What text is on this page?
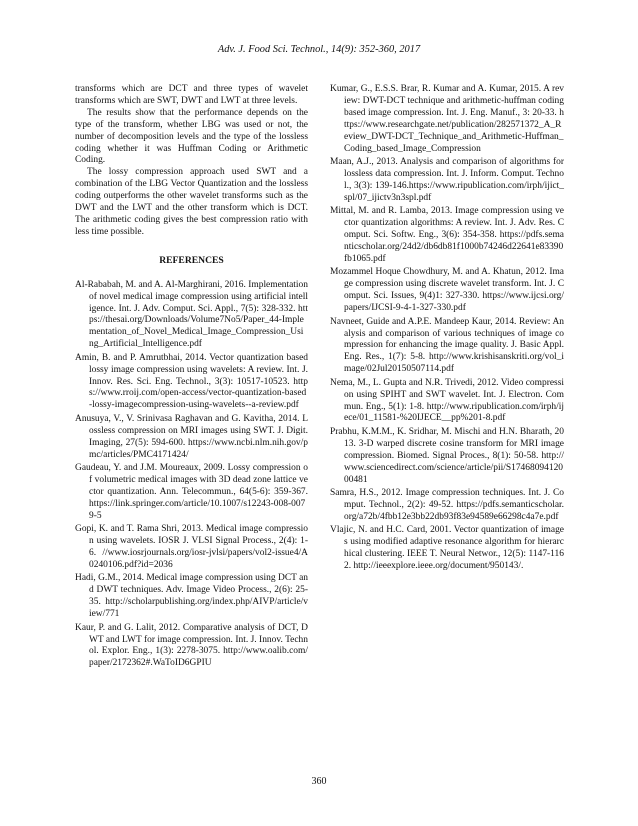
Adv. J. Food Sci. Technol., 14(9): 352-360, 2017

transforms which are DCT and three types of wavelet transforms which are SWT, DWT and LWT at three levels.

The results show that the performance depends on the type of the transform, whether LBG was used or not, the number of decomposition levels and the type of the lossless coding whether it was Huffman Coding or Arithmetic Coding.

The lossy compression approach used SWT and a combination of the LBG Vector Quantization and the lossless coding outperforms the other wavelet transforms such as the DWT and the LWT and the other transform which is DCT. The arithmetic coding gives the best compression ratio with less time possible.

REFERENCES
Al-Rababah, M. and A. Al-Marghirani, 2016. Implementation of novel medical image compression using artificial intelligence. Int. J. Adv. Comput. Sci. Appl., 7(5): 328-332. https://thesai.org/Downloads/Volume7No5/Paper_44-Implementation_of_Novel_Medical_Image_Compression_Using_Artificial_Intelligence.pdf
Amin, B. and P. Amrutbhai, 2014. Vector quantization based lossy image compression using wavelets: A review. Int. J. Innov. Res. Sci. Eng. Technol., 3(3): 10517-10523. https://www.rroij.com/open-access/vector-quantization-based-lossy-imagecompression-using-wavelets--a-review.pdf
Anusuya, V., V. Srinivasa Raghavan and G. Kavitha, 2014. Lossless compression on MRI images using SWT. J. Digit. Imaging, 27(5): 594-600. https://www.ncbi.nlm.nih.gov/pmc/articles/PMC4171424/
Gaudeau, Y. and J.M. Moureaux, 2009. Lossy compression of volumetric medical images with 3D dead zone lattice vector quantization. Ann. Telecommun., 64(5-6): 359-367. https://link.springer.com/article/10.1007/s12243-008-0079-5
Gopi, K. and T. Rama Shri, 2013. Medical image compression using wavelets. IOSR J. VLSI Signal Process., 2(4): 1-6. //www.iosrjournals.org/iosr-jvlsi/papers/vol2-issue4/A0240106.pdf?id=2036
Hadi, G.M., 2014. Medical image compression using DCT and DWT techniques. Adv. Image Video Process., 2(6): 25-35. http://scholarpublishing.org/index.php/AIVP/article/view/771
Kaur, P. and G. Lalit, 2012. Comparative analysis of DCT, DWT and LWT for image compression. Int. J. Innov. Technol. Explor. Eng., 1(3): 2278-3075. http://www.oalib.com/paper/2172362#.WaToID6GPIU
Kumar, G., E.S.S. Brar, R. Kumar and A. Kumar, 2015. A review: DWT-DCT technique and arithmetic-huffman coding based image compression. Int. J. Eng. Manuf., 3: 20-33. https://www.researchgate.net/publication/282571372_A_Review_DWT-DCT_Technique_and_Arithmetic-Huffman_Coding_based_Image_Compression
Maan, A.J., 2013. Analysis and comparison of algorithms for lossless data compression. Int. J. Inform. Comput. Technol., 3(3): 139-146.https://www.ripublication.com/irph/ijict_spl/07_ijictv3n3spl.pdf
Mittal, M. and R. Lamba, 2013. Image compression using vector quantization algorithms: A review. Int. J. Adv. Res. Comput. Sci. Softw. Eng., 3(6): 354-358. https://pdfs.semanticscholar.org/24d2/db6db81f1000b74246d22641e83390fb1065.pdf
Mozammel Hoque Chowdhury, M. and A. Khatun, 2012. Image compression using discrete wavelet transform. Int. J. Comput. Sci. Issues, 9(4)1: 327-330. https://www.ijcsi.org/papers/IJCSI-9-4-1-327-330.pdf
Navneet, Guide and A.P.E. Mandeep Kaur, 2014. Review: Analysis and comparison of various techniques of image compression for enhancing the image quality. J. Basic Appl. Eng. Res., 1(7): 5-8. http://www.krishisanskriti.org/vol_image/02Jul20150507114.pdf
Nema, M., L. Gupta and N.R. Trivedi, 2012. Video compression using SPIHT and SWT wavelet. Int. J. Electron. Commun. Eng., 5(1): 1-8. http://www.ripublication.com/irph/ijece/01_11581-%20IJECE__pp%201-8.pdf
Prabhu, K.M.M., K. Sridhar, M. Mischi and H.N. Bharath, 2013. 3-D warped discrete cosine transform for MRI image compression. Biomed. Signal Proces., 8(1): 50-58. http://www.sciencedirect.com/science/article/pii/S1746809412000481
Samra, H.S., 2012. Image compression techniques. Int. J. Comput. Technol., 2(2): 49-52. https://pdfs.semanticscholar.org/a72b/4fbb12e3bb22db93f83e94589e66298c4a7e.pdf
Vlajic, N. and H.C. Card, 2001. Vector quantization of images using modified adaptive resonance algorithm for hierarchical clustering. IEEE T. Neural Networ., 12(5): 1147-1162. http://ieeexplore.ieee.org/document/950143/.
360
